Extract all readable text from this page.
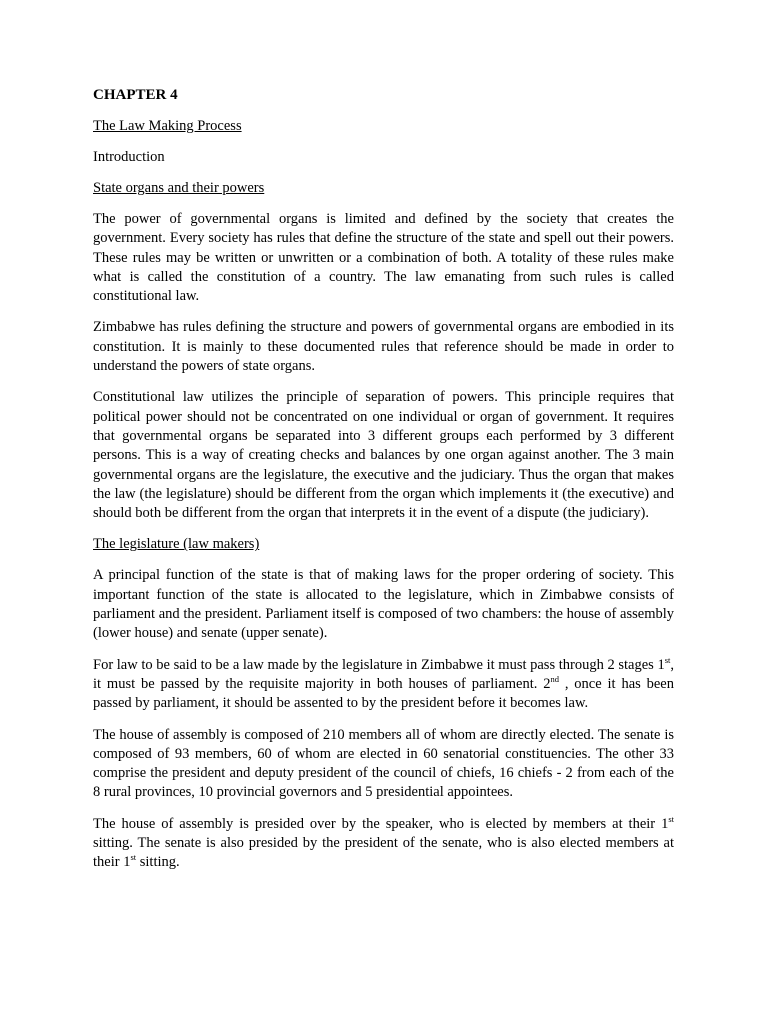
CHAPTER 4
The Law Making Process
Introduction
State organs and their powers

The power of governmental organs is limited and defined by the society that creates the government. Every society has rules that define the structure of the state and spell out their powers. These rules may be written or unwritten or a combination of both. A totality of these rules make what is called the constitution of a country. The law emanating from such rules is called constitutional law.

Zimbabwe has rules defining the structure and powers of governmental organs are embodied in its constitution. It is mainly to these documented rules that reference should be made in order to understand the powers of state organs.

Constitutional law utilizes the principle of separation of powers. This principle requires that political power should not be concentrated on one individual or organ of government. It requires that governmental organs be separated into 3 different groups each performed by 3 different persons. This is a way of creating checks and balances by one organ against another. The 3 main governmental organs are the legislature, the executive and the judiciary. Thus the organ that makes the law (the legislature) should be different from the organ which implements it (the executive) and should both be different from the organ that interprets it in the event of a dispute (the judiciary).

The legislature (law makers)

A principal function of the state is that of making laws for the proper ordering of society. This important function of the state is allocated to the legislature, which in Zimbabwe consists of parliament and the president. Parliament itself is composed of two chambers: the house of assembly (lower house) and senate (upper senate).

For law to be said to be a law made by the legislature in Zimbabwe it must pass through 2 stages 1st, it must be passed by the requisite majority in both houses of parliament. 2nd , once it has been passed by parliament, it should be assented to by the president before it becomes law.

The house of assembly is composed of 210 members all of whom are directly elected. The senate is composed of 93 members, 60 of whom are elected in 60 senatorial constituencies. The other 33 comprise the president and deputy president of the council of chiefs, 16 chiefs - 2 from each of the 8 rural provinces, 10 provincial governors and 5 presidential appointees.

The house of assembly is presided over by the speaker, who is elected by members at their 1st sitting. The senate is also presided by the president of the senate, who is also elected members at their 1st sitting.
